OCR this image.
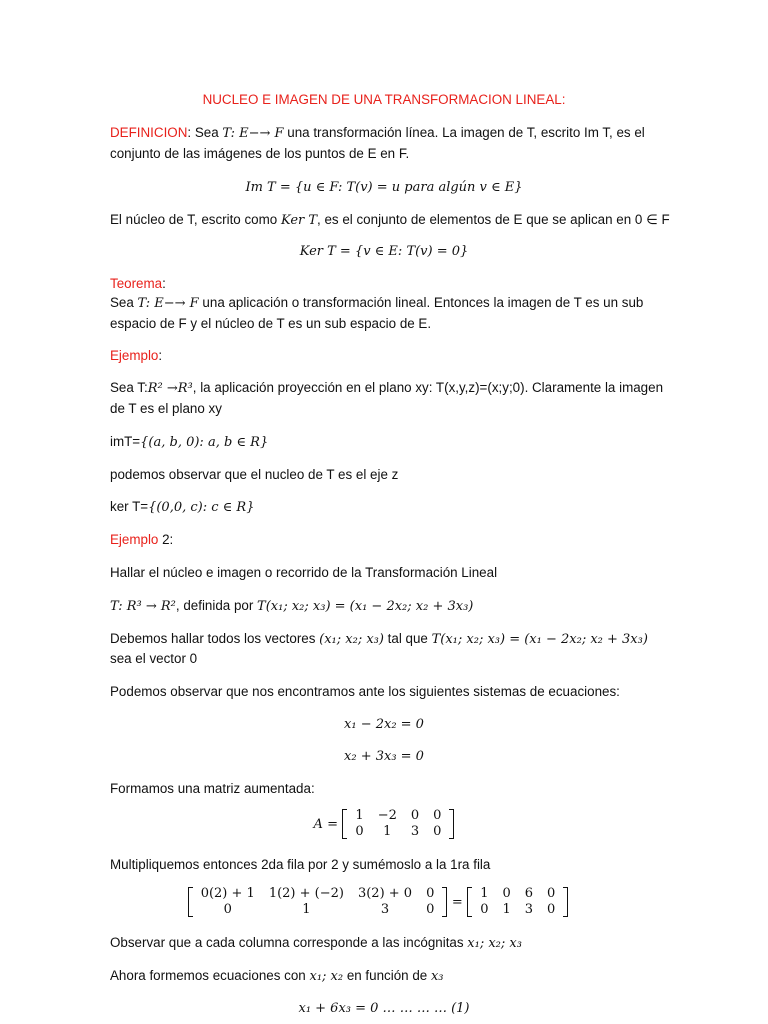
NUCLEO E IMAGEN DE UNA TRANSFORMACION LINEAL:
DEFINICION: Sea T: E−→ F una transformación línea. La imagen de T, escrito Im T, es el
conjunto de las imágenes de los puntos de E en F.
Im T = {u ∈ F: T(v) = u para algún v ∈ E}
El núcleo de T, escrito como Ker T, es el conjunto de elementos de E que se aplican en 0 ∈ F
Ker T = {v ∈ E: T(v) = 0}
Teorema:
Sea T: E−→ F una aplicación o transformación lineal. Entonces la imagen de T es un sub
espacio de F y el núcleo de T es un sub espacio de E.
Ejemplo:
Sea T:R² →R³, la aplicación proyección en el plano xy: T(x,y,z)=(x;y;0). Claramente la imagen
de T es el plano xy
imT={(a, b, 0): a, b ∈ R}
podemos observar que el nucleo de T es el eje z
ker T={(0,0, c): c ∈ R}
Ejemplo 2:
Hallar el núcleo e imagen o recorrido de la Transformación Lineal
T: R³ → R², definida por T(x₁; x₂; x₃) = (x₁ − 2x₂; x₂ + 3x₃)
Debemos hallar todos los vectores (x₁; x₂; x₃) tal que T(x₁; x₂; x₃) = (x₁ − 2x₂; x₂ + 3x₃)
sea el vector 0
Podemos observar que nos encontramos ante los siguientes sistemas de ecuaciones:
x₁ − 2x₂ = 0
x₂ + 3x₃ = 0
Formamos una matriz aumentada:
A =
1	−2	0	0
0	1	3	0
Multipliquemos entonces 2da fila por 2 y sumémoslo a la 1ra fila
0(2) + 1	1(2) + (−2)	3(2) + 0	0
0	1	3	0 =
1	0	6	0
0	1	3	0
Observar que a cada columna corresponde a las incógnitas x₁; x₂; x₃
Ahora formemos ecuaciones con x₁; x₂ en función de x₃
x₁ + 6x₃ = 0 … … … … (1)
